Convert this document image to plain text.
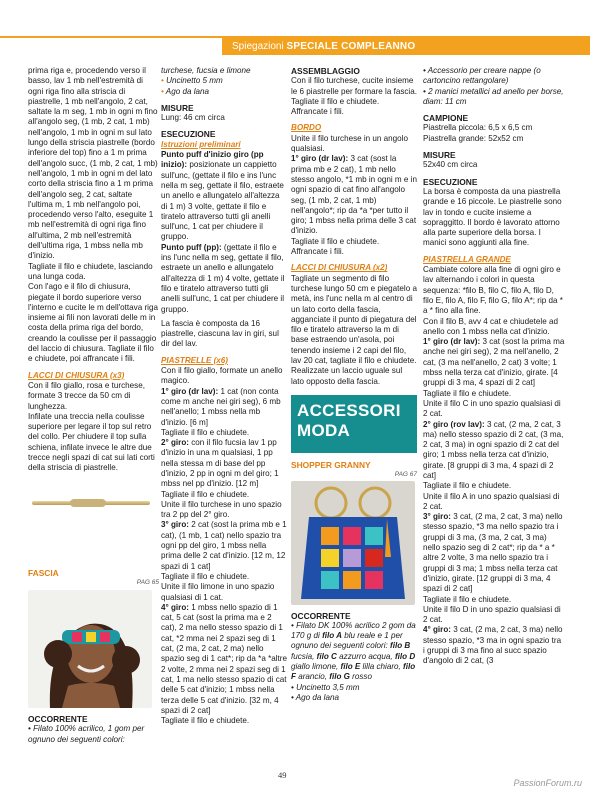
Spiegazioni SPECIALE COMPLEANNO

prima riga e, procedendo verso il basso, lav 1 mb nell'estremità di ogni riga fino alla striscia di piastrelle, 1 mb nell'angolo, 2 cat, saltate la m seg, 1 mb in ogni m fino all'angolo seg, (1 mb, 2 cat, 1 mb) nell'angolo, 1 mb in ogni m sul lato lungo della striscia piastrelle (bordo inferiore del top) fino a 1 m prima dell'angolo succ, (1 mb, 2 cat, 1 mb) nell'angolo, 1 mb in ogni m del lato corto della striscia fino a 1 m prima dell'angolo seg, 2 cat, saltate l'ultima m, 1 mb nell'angolo poi, procedendo verso l'alto, eseguite 1 mb nell'estremità di ogni riga fino all'ultima, 2 mb nell'estremità dell'ultima riga, 1 mbss nella mb d'inizio.

Tagliate il filo e chiudete, lasciando una lunga coda.

Con l'ago e il filo di chiusura, piegate il bordo superiore verso l'interno e cucite le m dell'ottava riga insieme ai fili non lavorati delle m in costa della prima riga del bordo, creando la coulisse per il passaggio del laccio di chiusura. Tagliate il filo e chiudete, poi affrancate i fili.

LACCI DI CHIUSURA (x3)

Con il filo giallo, rosa e turchese, formate 3 trecce da 50 cm di lunghezza.

Infilate una treccia nella coulisse superiore per legare il top sul retro del collo. Per chiudere il top sulla schiena, infilate invece le altre due trecce negli spazi di cat sui lati corti della striscia di piastrelle.

FASCIA

PAG 65

OCCORRENTE

• Filato 100% acrilico, 1 gom per ognuno dei seguenti colori:

turchese, fucsia e limone

• Uncinetto 5 mm

• Ago da lana

MISURE

Lung: 46 cm circa

ESECUZIONE

Istruzioni preliminari

Punto puff d'inizio giro (pp inizio): posizionate un cappietto sull'unc, (gettate il filo e ins l'unc nella m seg, gettate il filo, estraete un anello e allungatelo all'altezza di 1 m) 3 volte, gettate il filo e tiratelo attraverso tutti gli anelli sull'unc, 1 cat per chiudere il gruppo.

Punto puff (pp): (gettate il filo e ins l'unc nella m seg, gettate il filo, estraete un anello e allungatelo all'altezza di 1 m) 4 volte, gettate il filo e tiratelo attraverso tutti gli anelli sull'unc, 1 cat per chiudere il gruppo.

La fascia è composta da 16 piastrelle, ciascuna lav in giri, sul dir del lav.

PIASTRELLE (x6)

Con il filo giallo, formate un anello magico.

1° giro (dr lav): 1 cat (non conta come m anche nei giri seg), 6 mb nell'anello; 1 mbss nella mb d'inizio. [6 m]

Tagliate il filo e chiudete.

2° giro: con il filo fucsia lav 1 pp d'inizio in una m qualsiasi, 1 pp nella stessa m di base del pp d'inizio, 2 pp in ogni m del giro; 1 mbss nel pp d'inizio. [12 m]

Tagliate il filo e chiudete.

Unite il filo turchese in uno spazio tra 2 pp del 2° giro.

3° giro: 2 cat (sost la prima mb e 1 cat), (1 mb, 1 cat) nello spazio tra ogni pp del giro, 1 mbss nella prima delle 2 cat d'inizio. [12 m, 12 spazi di 1 cat]

Tagliate il filo e chiudete.

Unite il filo limone in uno spazio qualsiasi di 1 cat.

4° giro: 1 mbss nello spazio di 1 cat, 5 cat (sost la prima ma e 2 cat), 2 ma nello stesso spazio di 1 cat, *2 mma nei 2 spazi seg di 1 cat, (2 ma, 2 cat, 2 ma) nello spazio seg di 1 cat*; rip da *a *altre 2 volte, 2 mma nei 2 spazi seg di 1 cat, 1 ma nello stesso spazio di cat delle 5 cat d'inizio; 1 mbss nella terza delle 5 cat d'inizio. [32 m, 4 spazi di 2 cat]

Tagliate il filo e chiudete.

ASSEMBLAGGIO

Con il filo turchese, cucite insieme le 6 piastrelle per formare la fascia. Tagliate il filo e chiudete. Affrancate i fili.

BORDO

Unite il filo turchese in un angolo qualsiasi.

1° giro (dr lav): 3 cat (sost la prima mb e 2 cat), 1 mb nello stesso angolo, *1 mb in ogni m e in ogni spazio di cat fino all'angolo seg, (1 mb, 2 cat, 1 mb) nell'angolo*; rip da *a *per tutto il giro; 1 mbss nella prima delle 3 cat d'inizio.

Tagliate il filo e chiudete. Affrancate i fili.

LACCI DI CHIUSURA (x2)

Tagliate un segmento di filo turchese lungo 50 cm e piegatelo a metà, ins l'unc nella m al centro di un lato corto della fascia, agganciate il punto di piegatura del filo e tiratelo attraverso la m di base estraendo un'asola, poi tenendo insieme i 2 capi del filo, lav 20 cat, tagliate il filo e chiudete.

Realizzate un laccio uguale sul lato opposto della fascia.

ACCESSORI
MODA

SHOPPER GRANNY

PAG 67

OCCORRENTE

• Filato DK 100% acrilico 2 gom da 170 g di filo A blu reale e 1 per ognuno dei seguenti colori: filo B fucsia, filo C azzurro acqua, filo D giallo limone, filo E lilla chiaro, filo F arancio, filo G rosso

• Uncinetto 3,5 mm

• Ago da lana

• Accessorio per creare nappe (o cartoncino rettangolare)

• 2 manici metallici ad anello per borse, diam: 11 cm

CAMPIONE

Piastrella piccola: 6,5 x 6,5 cm

Piastrella grande: 52x52 cm

MISURE

52x40 cm circa

ESECUZIONE

La borsa è composta da una piastrella grande e 16 piccole. Le piastrelle sono lav in tondo e cucite insieme a sopraggitto. Il bordo è lavorato attorno alla parte superiore della borsa. I manici sono aggiunti alla fine.

PIASTRELLA GRANDE

Cambiate colore alla fine di ogni giro e lav alternando i colori in questa sequenza: *filo B, filo C, filo A, filo D, filo E, filo A, filo F, filo G, filo A*; rip da * a * fino alla fine.

Con il filo B, avv 4 cat e chiudetele ad anello con 1 mbss nella cat d'inizio.

1° giro (dr lav): 3 cat (sost la prima ma anche nei giri seg), 2 ma nell'anello, 2 cat, (3 ma nell'anello, 2 cat) 3 volte; 1 mbss nella terza cat d'inizio, girate. [4 gruppi di 3 ma, 4 spazi di 2 cat]

Tagliate il filo e chiudete.

Unite il filo C in uno spazio qualsiasi di 2 cat.

2° giro (rov lav): 3 cat, (2 ma, 2 cat, 3 ma) nello stesso spazio di 2 cat, (3 ma, 2 cat, 3 ma) in ogni spazio di 2 cat del giro; 1 mbss nella terza cat d'inizio, girate. [8 gruppi di 3 ma, 4 spazi di 2 cat]

Tagliate il filo e chiudete.

Unite il filo A in uno spazio qualsiasi di 2 cat.

3° giro: 3 cat, (2 ma, 2 cat, 3 ma) nello stesso spazio, *3 ma nello spazio tra i gruppi di 3 ma, (3 ma, 2 cat, 3 ma) nello spazio seg di 2 cat*; rip da * a * altre 2 volte, 3 ma nello spazio tra i gruppi di 3 ma; 1 mbss nella terza cat d'inizio, girate. [12 gruppi di 3 ma, 4 spazi di 2 cat]

Tagliate il filo e chiudete.

Unite il filo D in uno spazio qualsiasi di 2 cat.

4° giro: 3 cat, (2 ma, 2 cat, 3 ma) nello stesso spazio, *3 ma in ogni spazio tra i gruppi di 3 ma fino al succ spazio d'angolo di 2 cat, (3

49
PassionForum.ru
